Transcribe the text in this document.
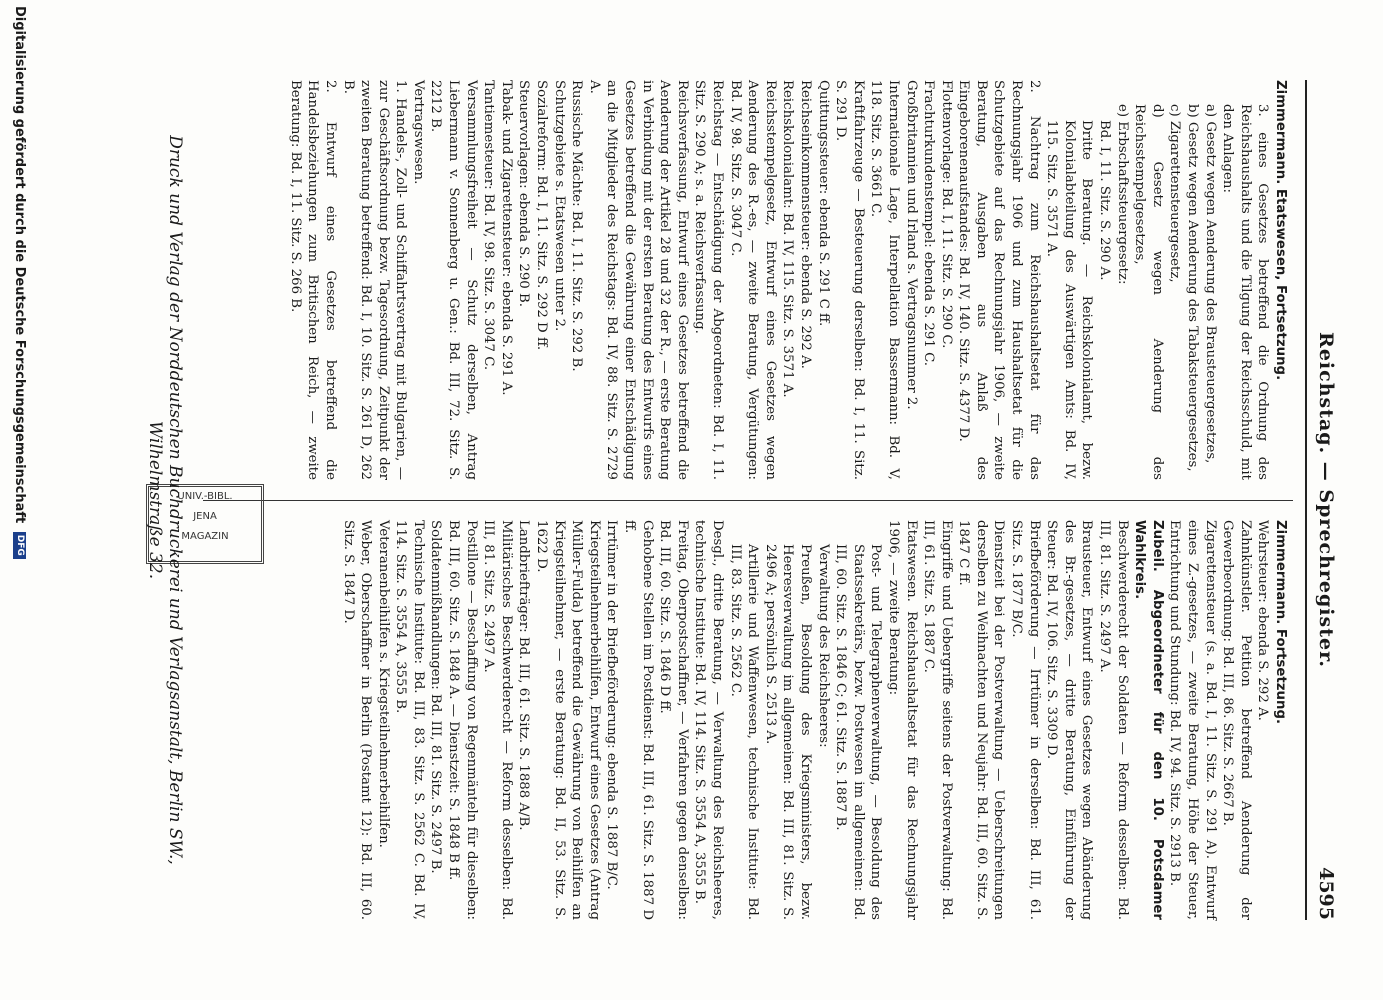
Reichstag. — Sprechregister.
4595

Zimmermann. Etatswesen, Fortsetzung.

3. eines Gesetzes betreffend die Ordnung des Reichshaushalts und die Tilgung der Reichsschuld, mit den Anlagen:

a) Gesetz wegen Aenderung des Brausteuergesetzes,

b) Gesetz wegen Aenderung des Tabaksteuergesetzes,

c) Zigarettensteuergesetz,

d) Gesetz wegen Aenderung des Reichsstempelgesetzes,

e) Erbschaftssteuergesetz:

Bd. I, 11. Sitz. S. 290 A.

Dritte Beratung. — Reichskolonialamt, bezw. Kolonialabteilung des Auswärtigen Amts: Bd. IV, 115. Sitz. S. 3571 A.

2. Nachtrag zum Reichshaushaltsetat für das Rechnungsjahr 1906 und zum Haushaltsetat für die Schutzgebiete auf das Rechnungsjahr 1906, — zweite Beratung, Ausgaben aus Anlaß des Eingeborenenaufstandes: Bd. IV, 140. Sitz. S. 4377 D.

Flottenvorlage: Bd. I, 11. Sitz. S. 290 C.

Frachturkundenstempel: ebenda S. 291 C.

Großbritannien und Irland s. Vertragsnummer 2.

Internationale Lage, Interpellation Bassermann: Bd. V, 118. Sitz. S. 3661 C.

Kraftfahrzeuge — Besteuerung derselben: Bd. I, 11. Sitz. S. 291 D.

Quittungssteuer: ebenda S. 291 C ff.

Reichseinkommensteuer: ebenda S. 292 A.

Reichskolonialamt: Bd. IV, 115. Sitz. S. 3571 A.

Reichsstempelgesetz, Entwurf eines Gesetzes wegen Aenderung des R.-es, — zweite Beratung, Vergütungen: Bd. IV, 98. Sitz. S. 3047 C.

Reichstag — Entschädigung der Abgeordneten: Bd. I, 11. Sitz. S. 290 A; s. a. Reichsverfassung.

Reichsverfassung, Entwurf eines Gesetzes betreffend die Aenderung der Artikel 28 und 32 der R., — erste Beratung in Verbindung mit der ersten Beratung des Entwurfs eines Gesetzes betreffend die Gewährung einer Entschädigung an die Mitglieder des Reichstags: Bd. IV, 88. Sitz. S. 2729 A.

Russische Mächte: Bd. I, 11. Sitz. S. 292 B.

Schutzgebiete s. Etatswesen unter 2.

Sozialreform: Bd. I, 11. Sitz. S. 292 D ff.

Steuervorlagen: ebenda S. 290 B.

Tabak- und Zigarettensteuer: ebenda S. 291 A.

Tantiemesteuer: Bd. IV, 98. Sitz. S. 3047 C.

Versammlungsfreiheit — Schutz derselben, Antrag Liebermann v. Sonnenberg u. Gen.: Bd. III, 72. Sitz. S. 2212 B.

Vertragswesen.

1. Handels-, Zoll- und Schiffahrtsvertrag mit Bulgarien, — zur Geschäftsordnung bezw. Tagesordnung, Zeitpunkt der zweiten Beratung betreffend: Bd. I, 10. Sitz. S. 261 D, 262 B.

2. Entwurf eines Gesetzes betreffend die Handelsbeziehungen zum Britischen Reich, — zweite Beratung: Bd. I, 11. Sitz. S. 266 B.

Zimmermann. Fortsetzung.

Wehrsteuer: ebenda S. 292 A.

Zahnkünstler. Petition betreffend Aenderung der Gewerbeordnung: Bd. III, 86. Sitz. S. 2667 B.

Zigarettensteuer (s. a. Bd. I, 11. Sitz. S. 291 A). Entwurf eines Z.-gesetzes, — zweite Beratung, Höhe der Steuer, Entrichtung und Stundung: Bd. IV, 94. Sitz. S. 2913 B.

Zubeil. Abgeordneter für den 10. Potsdamer Wahlkreis.

Beschwerderecht der Soldaten — Reform desselben: Bd. III, 81. Sitz. S. 2497 A.

Brausteuer, Entwurf eines Gesetzes wegen Abänderung des Br.-gesetzes, — dritte Beratung, Einführung der Steuer: Bd. IV, 106. Sitz. S. 3309 D.

Briefbeförderung — Irrtümer in derselben: Bd. III, 61. Sitz. S. 1877 B/C.

Dienstzeit bei der Postverwaltung — Ueberschreitungen derselben zu Weihnachten und Neujahr: Bd. III, 60. Sitz. S. 1847 C ff.

Eingriffe und Uebergriffe seitens der Postverwaltung: Bd. III, 61. Sitz. S. 1887 C.

Etatswesen. Reichshaushaltsetat für das Rechnungsjahr 1906, — zweite Beratung:

Post- und Telegraphenverwaltung, — Besoldung des Staatssekretärs, bezw. Postwesen im allgemeinen: Bd. III, 60. Sitz. S. 1846 C; 61. Sitz. S. 1887 B.

Verwaltung des Reichsheeres:

Preußen, Besoldung des Kriegsministers, bezw. Heeresverwaltung im allgemeinen: Bd. III, 81. Sitz. S. 2496 A; persönlich S. 2513 A.

Artillerie und Waffenwesen, technische Institute: Bd. III, 83. Sitz. S. 2562 C.

Desgl., dritte Beratung, — Verwaltung des Reichsheeres, technische Institute: Bd. IV, 114. Sitz. S. 3554 A, 3555 B.

Freitag, Oberpostschaffner, — Verfahren gegen denselben: Bd. III, 60. Sitz. S. 1846 D ff.

Gehobene Stellen im Postdienst: Bd. III, 61. Sitz. S. 1887 D ff.

Irrtümer in der Briefbeförderung: ebenda S. 1887 B/C.

Kriegsteilnehmerbeihilfen, Entwurf eines Gesetzes (Antrag Müller-Fulda) betreffend die Gewährung von Beihilfen an Kriegsteilnehmer, — erste Beratung: Bd. II, 53. Sitz. S. 1622 D.

Landbriefträger: Bd. III, 61. Sitz. S. 1888 A/B.

Militärisches Beschwerderecht — Reform desselben: Bd. III, 81. Sitz. S. 2497 A.

Postillone — Beschaffung von Regenmänteln für dieselben: Bd. III, 60. Sitz. S. 1848 A. — Dienstzeit: S. 1848 B ff.

Soldatenmißhandlungen: Bd. III, 81. Sitz. S. 2497 B.

Technische Institute: Bd. III, 83. Sitz. S. 2562 C. Bd. IV, 114. Sitz. S. 3554 A, 3555 B.

Veteranenbeihilfen s. Kriegsteilnehmerbeihilfen.

Weber, Oberschaffner in Berlin (Postamt 12): Bd. III, 60. Sitz. S. 1847 D.

UNIV.-BIBL.
JENA
MAGAZIN
Druck und Verlag der Norddeutschen Buchdruckerei und Verlagsanstalt, Berlin SW., Wilhelmstraße 32.
Digitalisierung gefördert durch die Deutsche Forschungsgemeinschaft DFG
